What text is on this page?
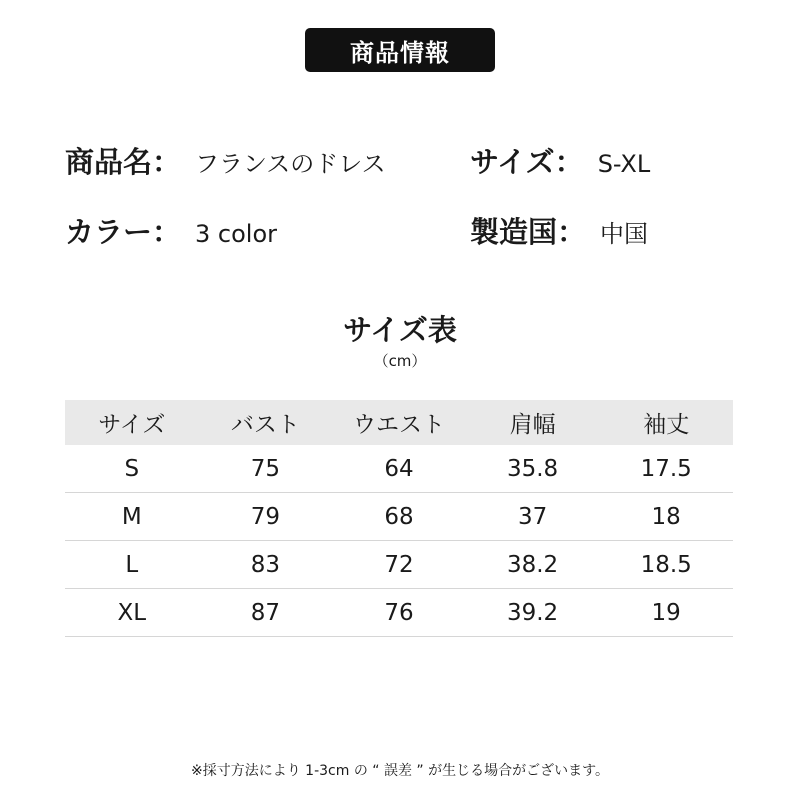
商品情報
商品名： フランスのドレス	サイズ： S-XL
カラー： 3 color	製造国： 中国
サイズ表
（cm）
サイズ	バスト	ウエスト	肩幅	袖丈
S	75	64	35.8	17.5
M	79	68	37	18
L	83	72	38.2	18.5
XL	87	76	39.2	19
※採寸方法により 1-3cm の “ 誤差 ” が生じる場合がございます。
